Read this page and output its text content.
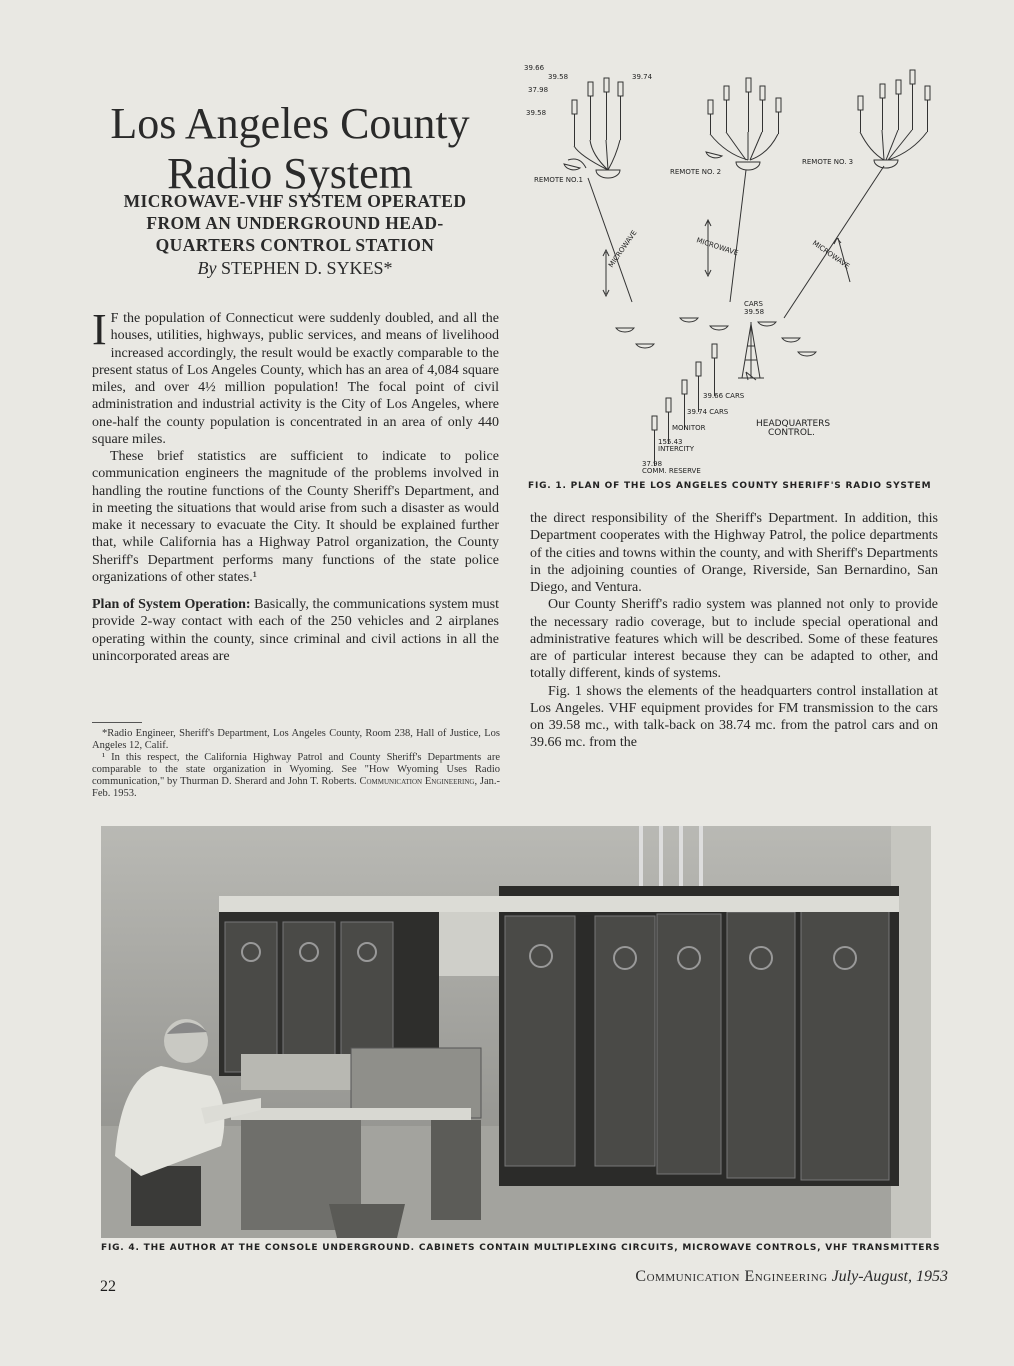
Los Angeles County
Radio System
MICROWAVE-VHF SYSTEM OPERATED
FROM AN UNDERGROUND HEAD-
QUARTERS CONTROL STATION
By STEPHEN D. SYKES*

I F the population of Connecticut were suddenly doubled, and all the houses, utilities, highways, public services, and means of livelihood increased accordingly, the result would be exactly comparable to the present status of Los Angeles County, which has an area of 4,084 square miles, and over 4½ million population! The focal point of civil administration and industrial activity is the City of Los Angeles, where one-half the county population is concentrated in an area of only 440 square miles.

These brief statistics are sufficient to indicate to police communication engineers the magnitude of the problems involved in handling the routine functions of the County Sheriff's Department, and in meeting the situations that would arise from such a disaster as would make it necessary to evacuate the City. It should be explained further that, while California has a Highway Patrol organization, the County Sheriff's Department performs many functions of the state police organizations of other states.¹

Plan of System Operation: Basically, the communications system must provide 2-way contact with each of the 250 vehicles and 2 airplanes operating within the county, since criminal and civil actions in all the unincorporated areas are

*Radio Engineer, Sheriff's Department, Los Angeles County, Room 238, Hall of Justice, Los Angeles 12, Calif.

¹ In this respect, the California Highway Patrol and County Sheriff's Departments are comparable to the state organization in Wyoming. See "How Wyoming Uses Radio communication," by Thurman D. Sherard and John T. Roberts. Communication Engineering, Jan.-Feb. 1953.

the direct responsibility of the Sheriff's Department. In addition, this Department cooperates with the Highway Patrol, the police departments of the cities and towns within the county, and with Sheriff's Departments in the adjoining counties of Orange, Riverside, San Bernardino, San Diego, and Ventura.

Our County Sheriff's radio system was planned not only to provide the necessary radio coverage, but to include special operational and administrative features which will be described. Some of these features are of particular interest because they can be adapted to other, and totally different, kinds of systems.

Fig. 1 shows the elements of the headquarters control installation at Los Angeles. VHF equipment provides for FM transmission to the cars on 39.58 mc., with talk-back on 38.74 mc. from the patrol cars and on 39.66 mc. from the

39.66
39.58	39.74
37.98
39.58
REMOTE NO.1
REMOTE NO. 2
REMOTE NO. 3
MICROWAVE	MICROWAVE	MICROWAVE
CARS
39.58
39.66 CARS
39.74 CARS
MONITOR
155.43
INTERCITY
37.98
COMM. RESERVE
HEADQUARTERS
CONTROL.
FIG. 1. PLAN OF THE LOS ANGELES COUNTY SHERIFF'S RADIO SYSTEM
FIG. 4. THE AUTHOR AT THE CONSOLE UNDERGROUND. CABINETS CONTAIN MULTIPLEXING CIRCUITS, MICROWAVE CONTROLS, VHF TRANSMITTERS
22
Communication Engineering July-August, 1953
